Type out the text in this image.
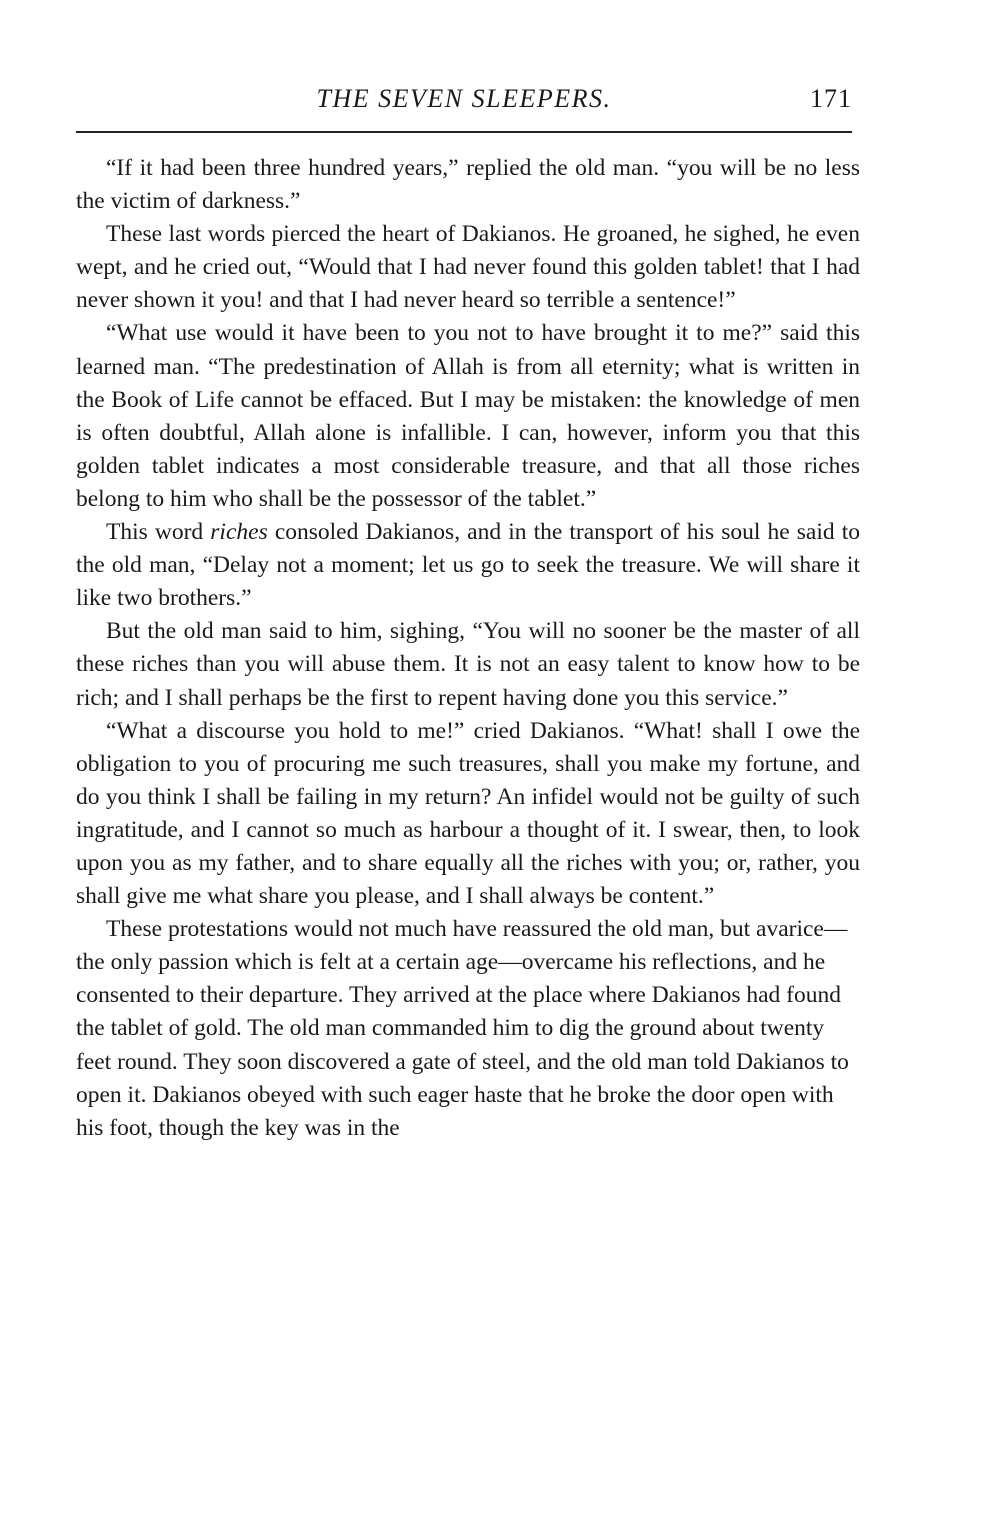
THE SEVEN SLEEPERS.	171

“If it had been three hundred years,” replied the old man. “you will be no less the victim of darkness.”

These last words pierced the heart of Dakianos. He groaned, he sighed, he even wept, and he cried out, “Would that I had never found this golden tablet! that I had never shown it you! and that I had never heard so terrible a sentence!”

“What use would it have been to you not to have brought it to me?” said this learned man. “The predestination of Allah is from all eternity; what is written in the Book of Life cannot be effaced. But I may be mistaken: the knowledge of men is often doubtful, Allah alone is infallible. I can, however, inform you that this golden tablet indicates a most considerable treasure, and that all those riches belong to him who shall be the possessor of the tablet.”

This word riches consoled Dakianos, and in the transport of his soul he said to the old man, “Delay not a moment; let us go to seek the treasure. We will share it like two brothers.”

But the old man said to him, sighing, “You will no sooner be the master of all these riches than you will abuse them. It is not an easy talent to know how to be rich; and I shall perhaps be the first to repent having done you this service.”

“What a discourse you hold to me!” cried Dakianos. “What! shall I owe the obligation to you of procuring me such treasures, shall you make my fortune, and do you think I shall be failing in my return? An infidel would not be guilty of such ingratitude, and I cannot so much as harbour a thought of it. I swear, then, to look upon you as my father, and to share equally all the riches with you; or, rather, you shall give me what share you please, and I shall always be content.”

These protestations would not much have reassured the old man, but avarice—the only passion which is felt at a certain age—overcame his reflections, and he consented to their departure. They arrived at the place where Dakianos had found the tablet of gold. The old man commanded him to dig the ground about twenty feet round. They soon discovered a gate of steel, and the old man told Dakianos to open it. Dakianos obeyed with such eager haste that he broke the door open with his foot, though the key was in the
